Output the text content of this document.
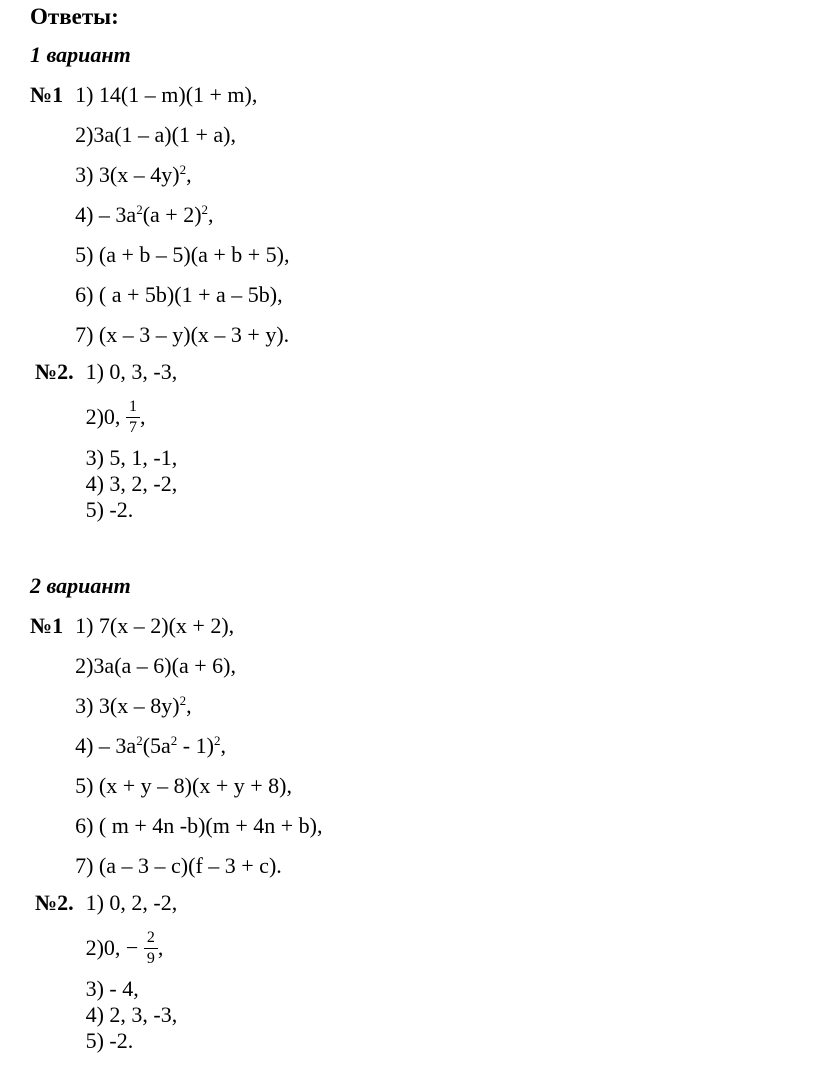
Ответы:
1 вариант
№1 1) 14(1 – m)(1 + m),
2)3a(1 – a)(1 + a),
3) 3(x – 4y)$^2$,
$4) - 3a^2(a + 2)^2$,
5) (a + b – 5)(a + b + 5),
6) ( a + 5b)(1 + a – 5b),
7) (x – 3 – y)(x – 3 + y).
№2. 1) 0, 3, -3,
2)0, $\frac{1}{7}$ ,
3) 5, 1, -1,
4) 3, 2, -2,
5) -2.
2 вариант
№1 1) 7(x – 2)(x + 2),
2)3a(a – 6)(a + 6),
3) 3(x – 8y)$^2$,
$4) - 3a^2(5a^2 - 1)^2$,
5) (x + y – 8)(x + y + 8),
6) ( m + 4n -b)(m + 4n + b),
7) (a – 3 – c)(f – 3 + c).
№2. 1) 0, 2, -2,
2)0, − $\frac{2}{9}$ ,
3) - 4,
4) 2, 3, -3,
5) -2.
